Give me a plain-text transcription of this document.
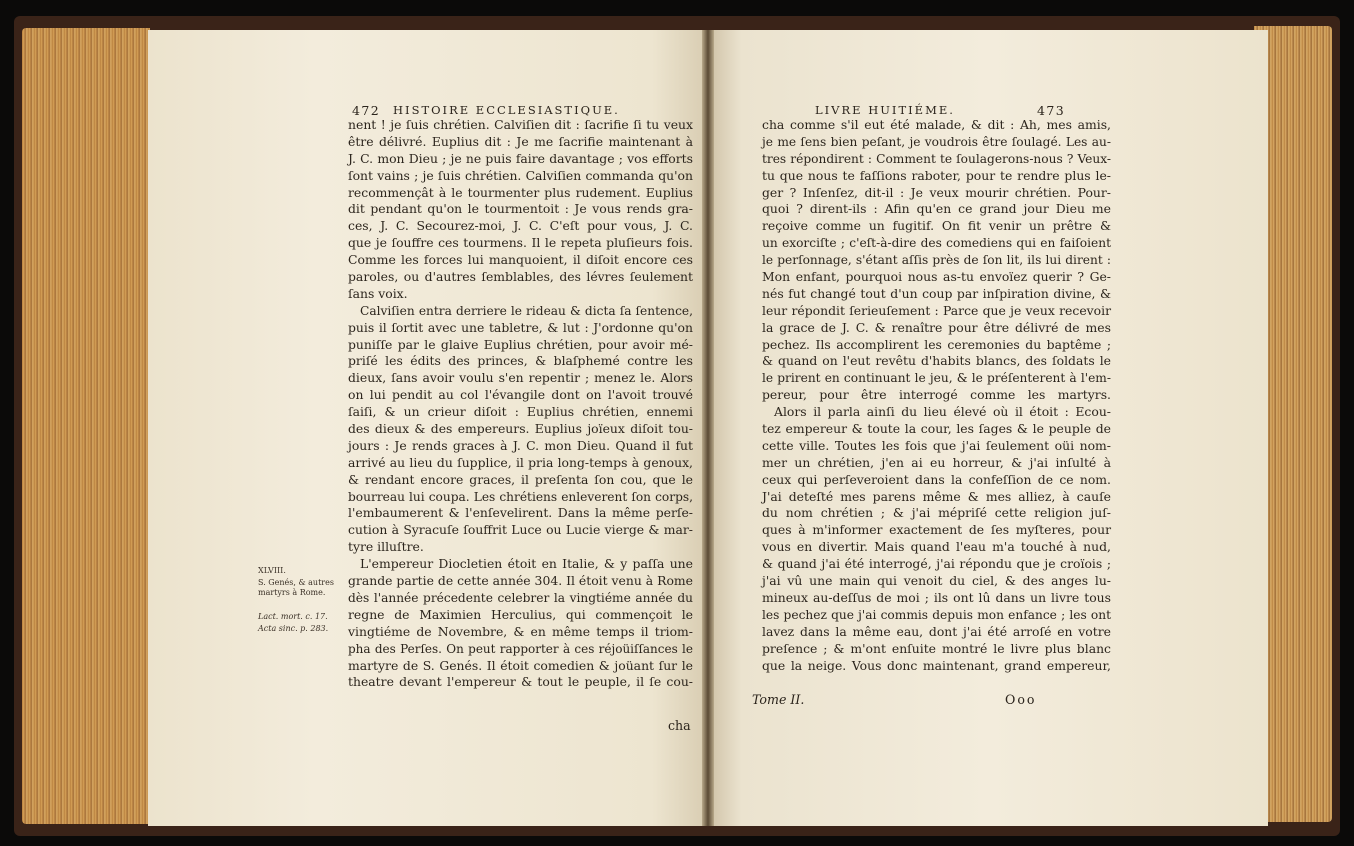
472 HISTOIRE ECCLESIASTIQUE.	LIVRE HUITIÉME.	473
XLVIII.
S. Genés, & autres martyrs à Rome.
Lact. mort. c. 17.
Acta sinc. p. 283.
nent ! je ſuis chrétien. Calviſien dit : ſacrifie ſi tu veux
être délivré. Euplius dit : Je me ſacrifie maintenant à
J. C. mon Dieu ; je ne puis faire davantage ; vos efforts
ſont vains ; je ſuis chrétien. Calviſien commanda qu'on
recommençât à le tourmenter plus rudement. Euplius
dit pendant qu'on le tourmentoit : Je vous rends gra-
ces, J. C. Secourez-moi, J. C. C'eſt pour vous, J. C.
que je ſouffre ces tourmens. Il le repeta pluſieurs fois.
Comme les forces lui manquoient, il diſoit encore ces
paroles, ou d'autres ſemblables, des lévres ſeulement
ſans voix.
Calviſien entra derriere le rideau & dicta ſa ſentence,
puis il ſortit avec une tabletre, & lut : J'ordonne qu'on
puniſſe par le glaive Euplius chrétien, pour avoir mé-
priſé les édits des princes, & blaſphemé contre les
dieux, ſans avoir voulu s'en repentir ; menez le. Alors
on lui pendit au col l'évangile dont on l'avoit trouvé
ſaiſi, & un crieur diſoit : Euplius chrétien, ennemi
des dieux & des empereurs. Euplius joïeux diſoit tou-
jours : Je rends graces à J. C. mon Dieu. Quand il fut
arrivé au lieu du ſupplice, il pria long-temps à genoux,
& rendant encore graces, il preſenta ſon cou, que le
bourreau lui coupa. Les chrétiens enleverent ſon corps,
l'embaumerent & l'enſevelirent. Dans la même perſe-
cution à Syracuſe ſouffrit Luce ou Lucie vierge & mar-
tyre illuſtre.
L'empereur Diocletien étoit en Italie, & y paſſa une
grande partie de cette année 304. Il étoit venu à Rome
dès l'année précedente celebrer la vingtiéme année du
regne de Maximien Herculius, qui commençoit le
vingtiéme de Novembre, & en même temps il triom-
pha des Perſes. On peut rapporter à ces réjoüiſſances le
martyre de S. Genés. Il étoit comedien & joüant ſur le
theatre devant l'empereur & tout le peuple, il ſe cou-
cha comme s'il eut été malade, & dit : Ah, mes amis,
je me ſens bien peſant, je voudrois être ſoulagé. Les au-
tres répondirent : Comment te ſoulagerons-nous ? Veux-
tu que nous te faſſions raboter, pour te rendre plus le-
ger ? Inſenſez, dit-il : Je veux mourir chrétien. Pour-
quoi ? dirent-ils : Afin qu'en ce grand jour Dieu me
reçoive comme un fugitif. On fit venir un prêtre &
un exorciſte ; c'eſt-à-dire des comediens qui en faiſoient
le perſonnage, s'étant aſſis près de ſon lit, ils lui dirent :
Mon enfant, pourquoi nous as-tu envoïez querir ? Ge-
nés fut changé tout d'un coup par inſpiration divine, &
leur répondit ſerieuſement : Parce que je veux recevoir
la grace de J. C. & renaître pour être délivré de mes
pechez. Ils accomplirent les ceremonies du baptême ;
& quand on l'eut revêtu d'habits blancs, des ſoldats le
le prirent en continuant le jeu, & le préſenterent à l'em-
pereur, pour être interrogé comme les martyrs.
Alors il parla ainſi du lieu élevé où il étoit : Ecou-
tez empereur & toute la cour, les ſages & le peuple de
cette ville. Toutes les fois que j'ai ſeulement oüi nom-
mer un chrétien, j'en ai eu horreur, & j'ai inſulté à
ceux qui perſeveroient dans la confeſſion de ce nom.
J'ai deteſté mes parens même & mes alliez, à cauſe
du nom chrétien ; & j'ai mépriſé cette religion juſ-
ques à m'informer exactement de ſes myſteres, pour
vous en divertir. Mais quand l'eau m'a touché à nud,
& quand j'ai été interrogé, j'ai répondu que je croïois ;
j'ai vû une main qui venoit du ciel, & des anges lu-
mineux au-deſſus de moi ; ils ont lû dans un livre tous
les pechez que j'ai commis depuis mon enfance ; les ont
lavez dans la même eau, dont j'ai été arroſé en votre
preſence ; & m'ont enſuite montré le livre plus blanc
que la neige. Vous donc maintenant, grand empereur,
cha
Tome II.	Ooo
